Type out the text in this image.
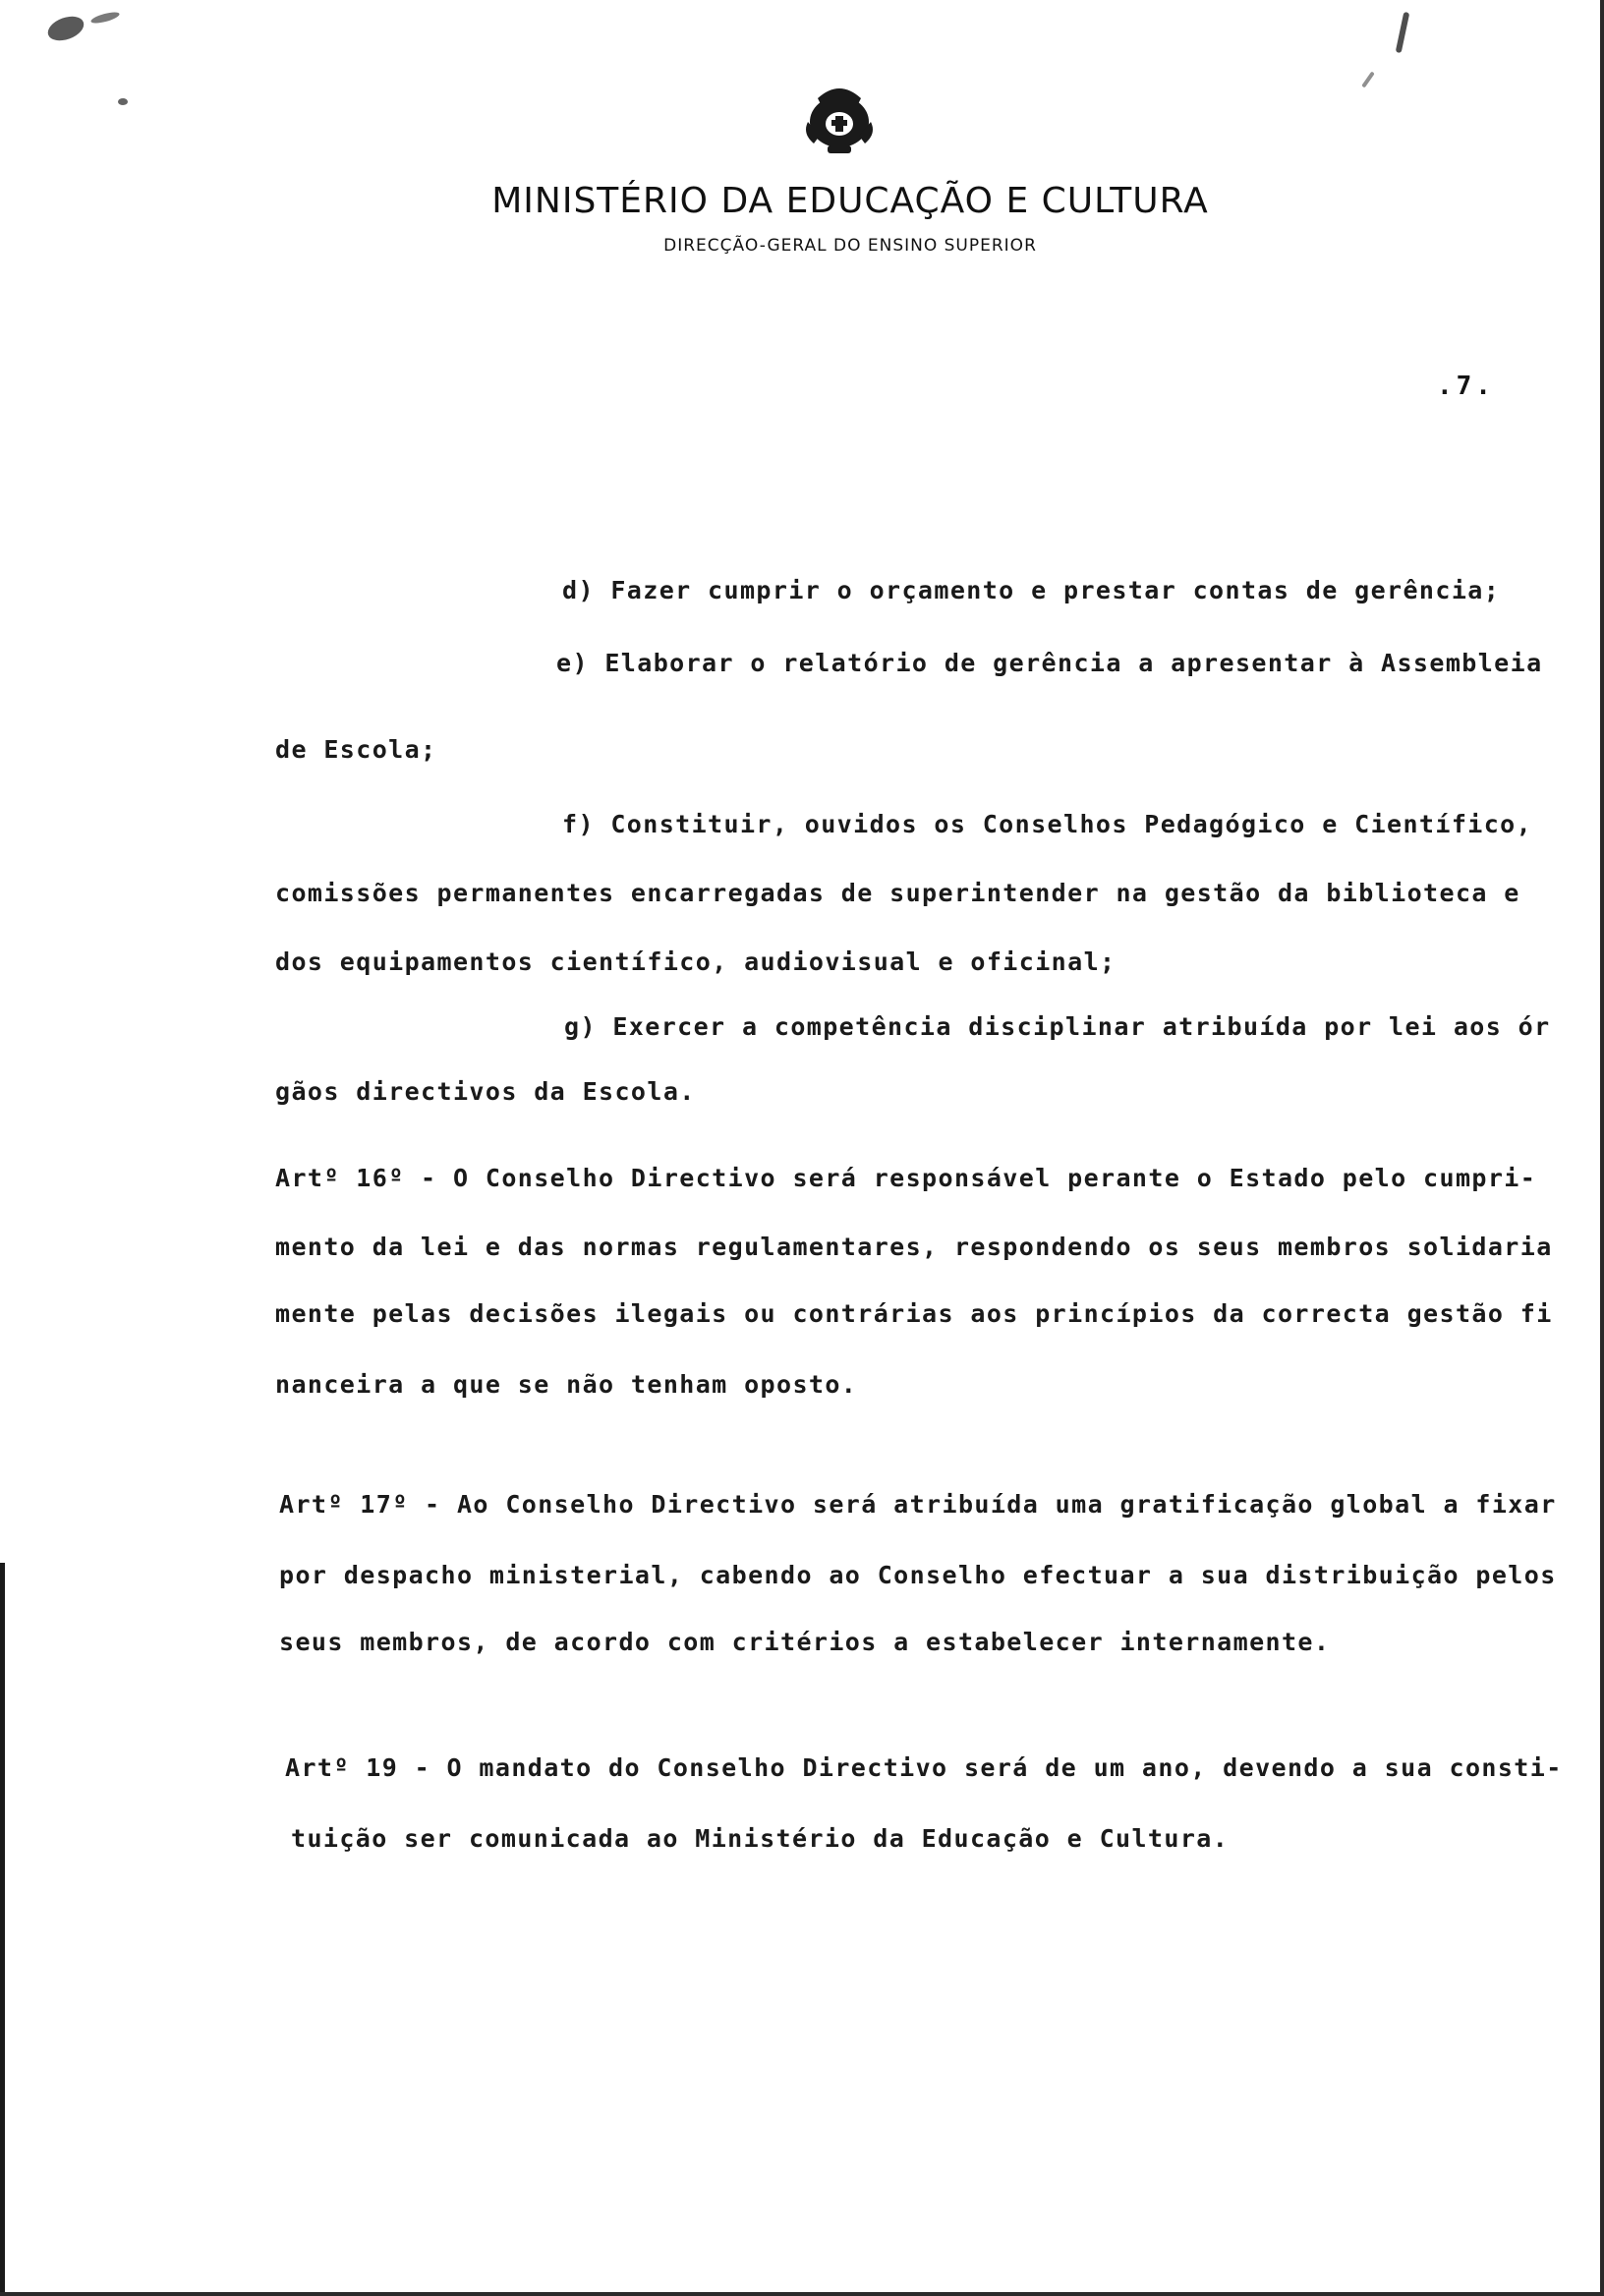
MINISTÉRIO DA EDUCAÇÃO E CULTURA
DIRECÇÃO-GERAL DO ENSINO SUPERIOR
.7.
d) Fazer cumprir o orçamento e prestar contas de gerência;
e) Elaborar o relatório de gerência a apresentar à Assembleia
de Escola;
f) Constituir, ouvidos os Conselhos Pedagógico e Científico,
comissões permanentes encarregadas de superintender na gestão da biblioteca e
dos equipamentos científico, audiovisual e oficinal;
g) Exercer a competência disciplinar atribuída por lei aos ór
gãos directivos da Escola.
Artº 16º - O Conselho Directivo será responsável perante o Estado pelo cumpri-
mento da lei e das normas regulamentares, respondendo os seus membros solidaria
mente pelas decisões ilegais ou contrárias aos princípios da correcta gestão fi
nanceira a que se não tenham oposto.
Artº 17º - Ao Conselho Directivo será atribuída uma gratificação global a fixar
por despacho ministerial, cabendo ao Conselho efectuar a sua distribuição pelos
seus membros, de acordo com critérios a estabelecer internamente.
Artº 19 - O mandato do Conselho Directivo será de um ano, devendo a sua consti-
tuição ser comunicada ao Ministério da Educação e Cultura.
